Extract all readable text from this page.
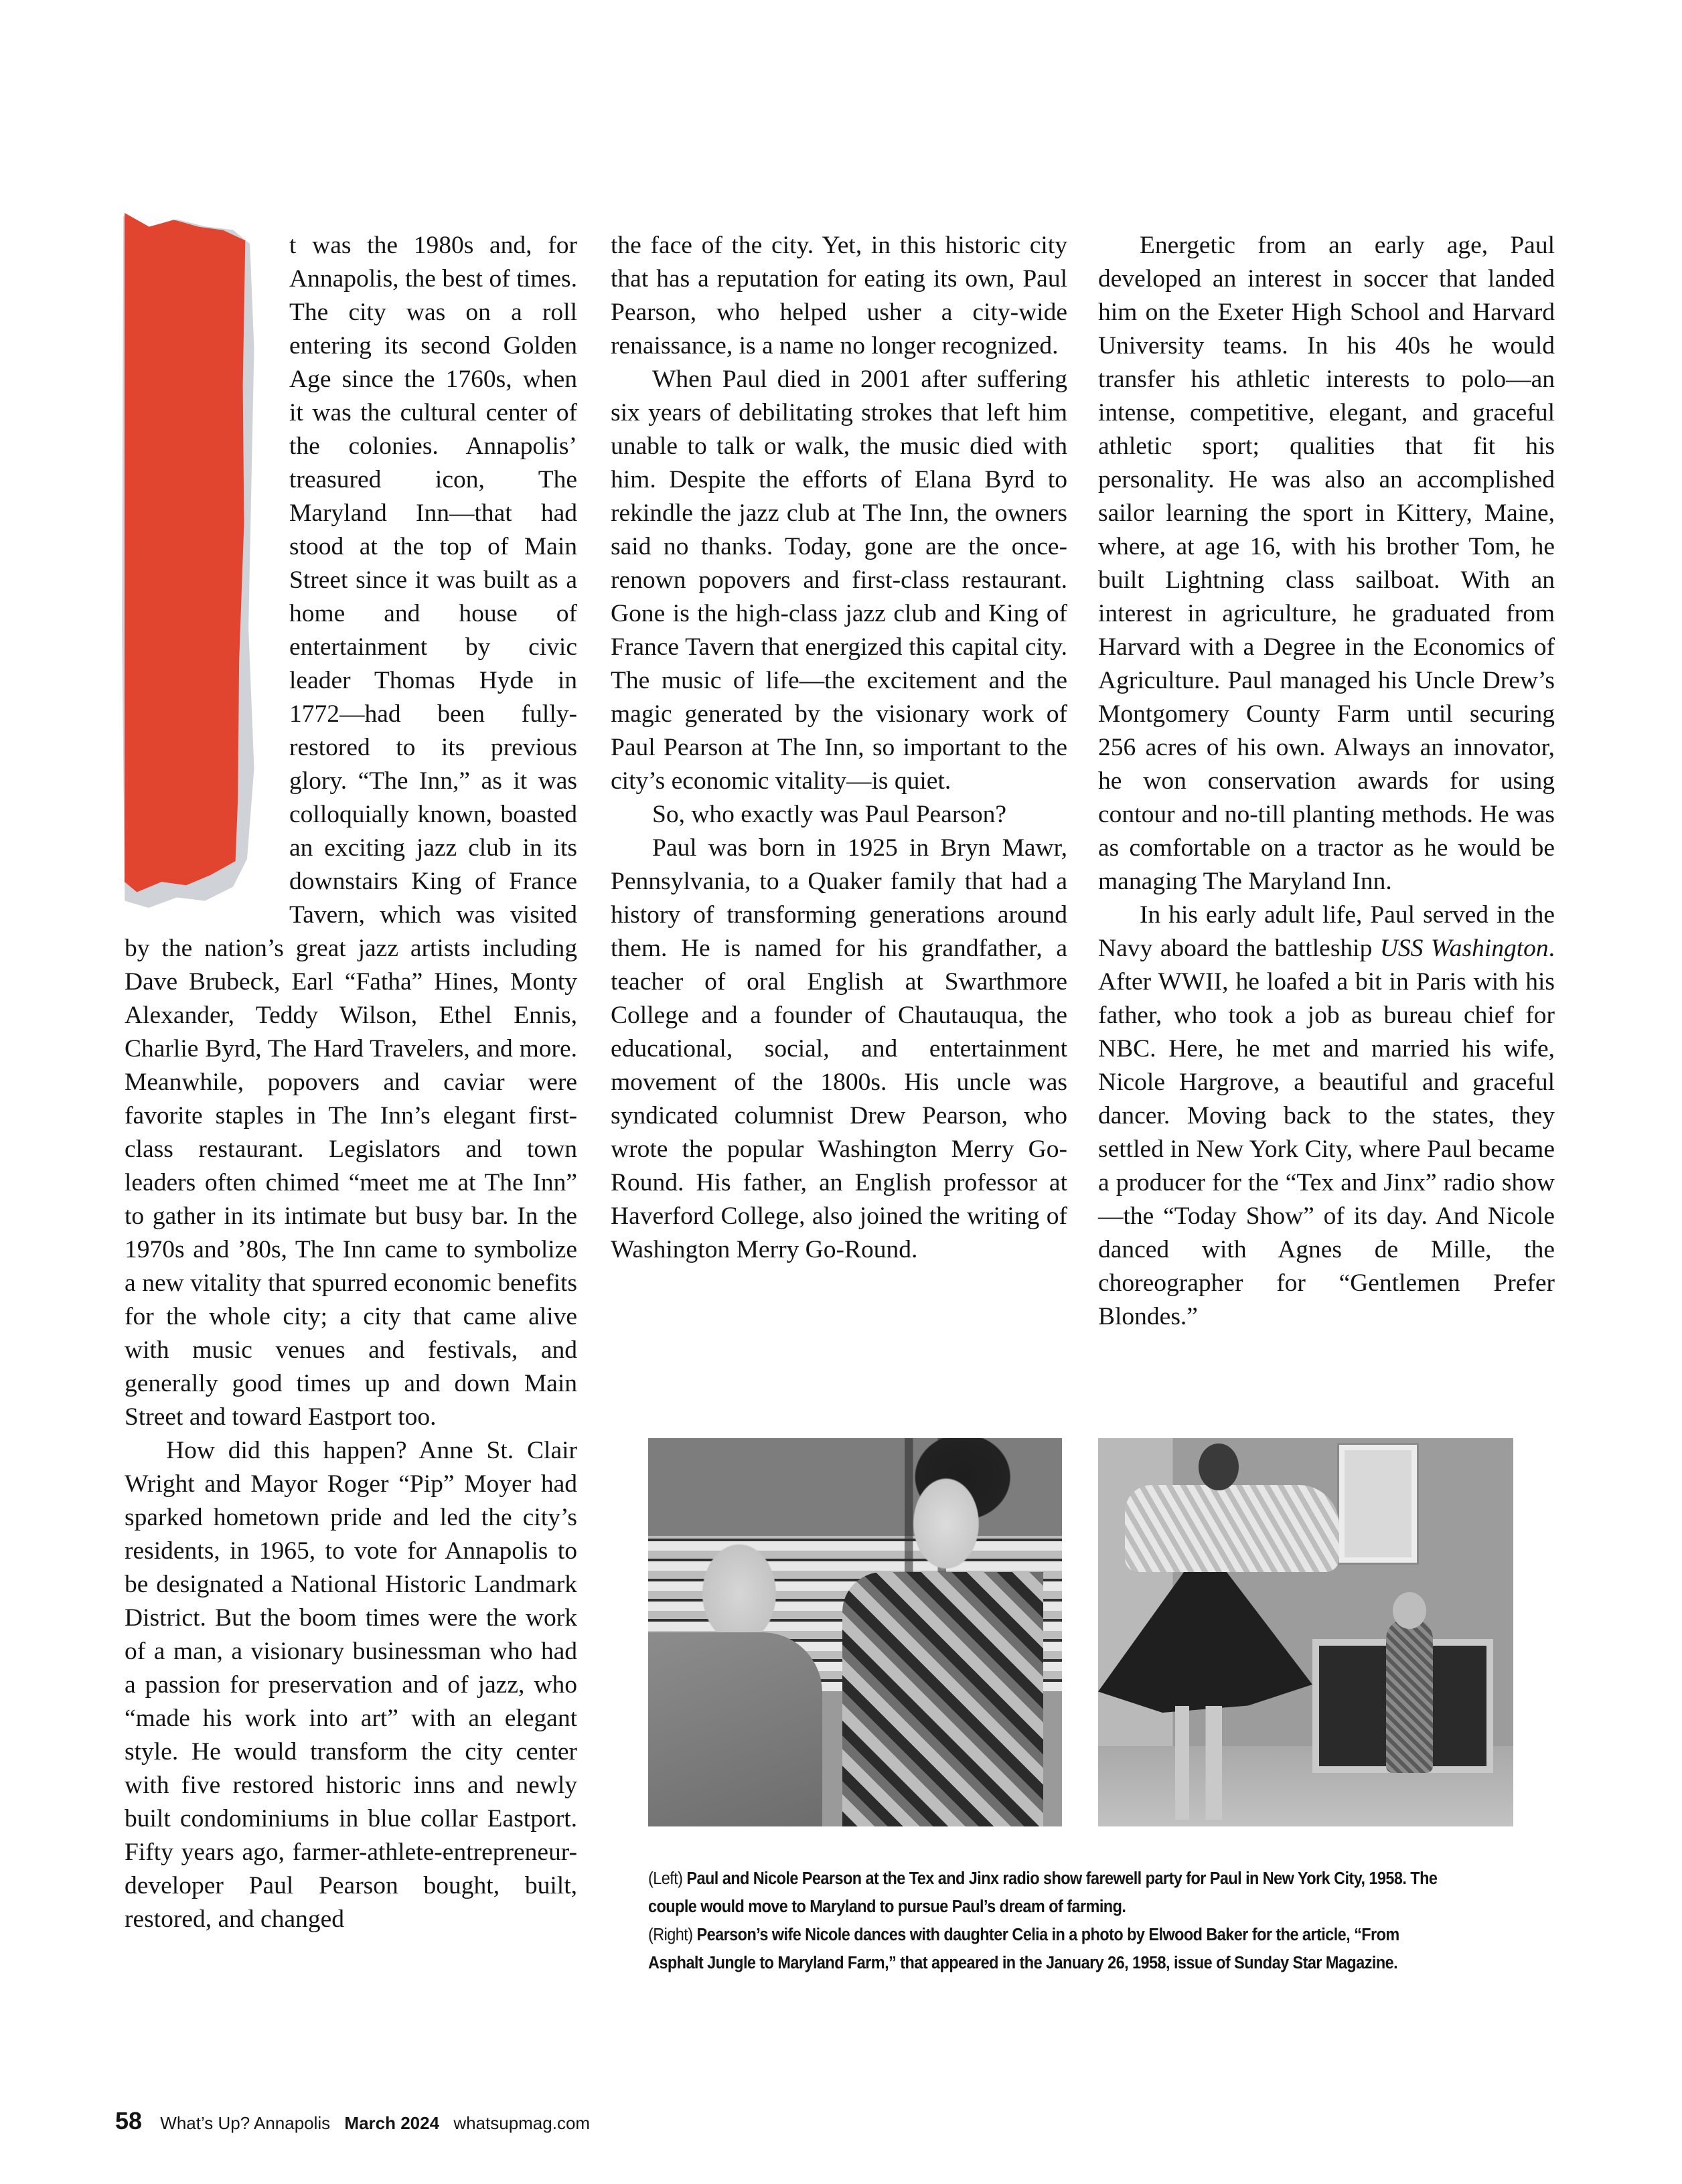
t was the 1980s and, for Annapolis, the best of times. The city was on a roll entering its second Golden Age since the 1760s, when it was the cultural center of the colonies. Annapolis’ treasured icon, The Maryland Inn—that had stood at the top of Main Street since it was built as a home and house of entertainment by civic leader Thomas Hyde in 1772—had been fully-restored to its previous glory. “The Inn,” as it was colloquially known, boasted an exciting jazz club in its downstairs King of France Tavern, which was visited by the nation’s great jazz artists including Dave Brubeck, Earl “Fatha” Hines, Monty Alexander, Teddy Wilson, Ethel Ennis, Charlie Byrd, The Hard Travelers, and more. Meanwhile, popovers and caviar were favorite staples in The Inn’s elegant first-class restaurant. Legislators and town leaders often chimed “meet me at The Inn” to gather in its intimate but busy bar. In the 1970s and ’80s, The Inn came to symbolize a new vitality that spurred economic benefits for the whole city; a city that came alive with music venues and festivals, and generally good times up and down Main Street and toward Eastport too.

How did this happen? Anne St. Clair Wright and Mayor Roger “Pip” Moyer had sparked hometown pride and led the city’s residents, in 1965, to vote for Annapolis to be designated a National Historic Landmark District. But the boom times were the work of a man, a visionary businessman who had a passion for preservation and of jazz, who “made his work into art” with an elegant style. He would transform the city center with five restored historic inns and newly built condominiums in blue collar Eastport. Fifty years ago, farmer-athlete-entrepreneur-developer Paul Pearson bought, built, restored, and changed

the face of the city. Yet, in this historic city that has a reputation for eating its own, Paul Pearson, who helped usher a city-wide renaissance, is a name no longer recognized.

When Paul died in 2001 after suffering six years of debilitating strokes that left him unable to talk or walk, the music died with him. Despite the efforts of Elana Byrd to rekindle the jazz club at The Inn, the owners said no thanks. Today, gone are the once-renown popovers and first-class restaurant. Gone is the high-class jazz club and King of France Tavern that energized this capital city. The music of life—the excitement and the magic generated by the visionary work of Paul Pearson at The Inn, so important to the city’s economic vitality—is quiet.

So, who exactly was Paul Pearson?

Paul was born in 1925 in Bryn Mawr, Pennsylvania, to a Quaker family that had a history of transforming generations around them. He is named for his grandfather, a teacher of oral English at Swarthmore College and a founder of Chautauqua, the educational, social, and entertainment movement of the 1800s. His uncle was syndicated columnist Drew Pearson, who wrote the popular Washington Merry Go-Round. His father, an English professor at Haverford College, also joined the writing of Washington Merry Go-Round.

Energetic from an early age, Paul developed an interest in soccer that landed him on the Exeter High School and Harvard University teams. In his 40s he would transfer his athletic interests to polo—an intense, competitive, elegant, and graceful athletic sport; qualities that fit his personality. He was also an accomplished sailor learning the sport in Kittery, Maine, where, at age 16, with his brother Tom, he built Lightning class sailboat. With an interest in agriculture, he graduated from Harvard with a Degree in the Economics of Agriculture. Paul managed his Uncle Drew’s Montgomery County Farm until securing 256 acres of his own. Always an innovator, he won conservation awards for using contour and no-till planting methods. He was as comfortable on a tractor as he would be managing The Maryland Inn.

In his early adult life, Paul served in the Navy aboard the battleship USS Washington. After WWII, he loafed a bit in Paris with his father, who took a job as bureau chief for NBC. Here, he met and married his wife, Nicole Hargrove, a beautiful and graceful dancer. Moving back to the states, they settled in New York City, where Paul became a producer for the “Tex and Jinx” radio show—the “Today Show” of its day. And Nicole danced with Agnes de Mille, the choreographer for “Gentlemen Prefer Blondes.”

(Left) Paul and Nicole Pearson at the Tex and Jinx radio show farewell party for Paul in New York City, 1958. The couple would move to Maryland to pursue Paul’s dream of farming.
(Right) Pearson’s wife Nicole dances with daughter Celia in a photo by Elwood Baker for the article, “From Asphalt Jungle to Maryland Farm,” that appeared in the January 26, 1958, issue of Sunday Star Magazine.
58 What’s Up? Annapolis March 2024 whatsupmag.com
